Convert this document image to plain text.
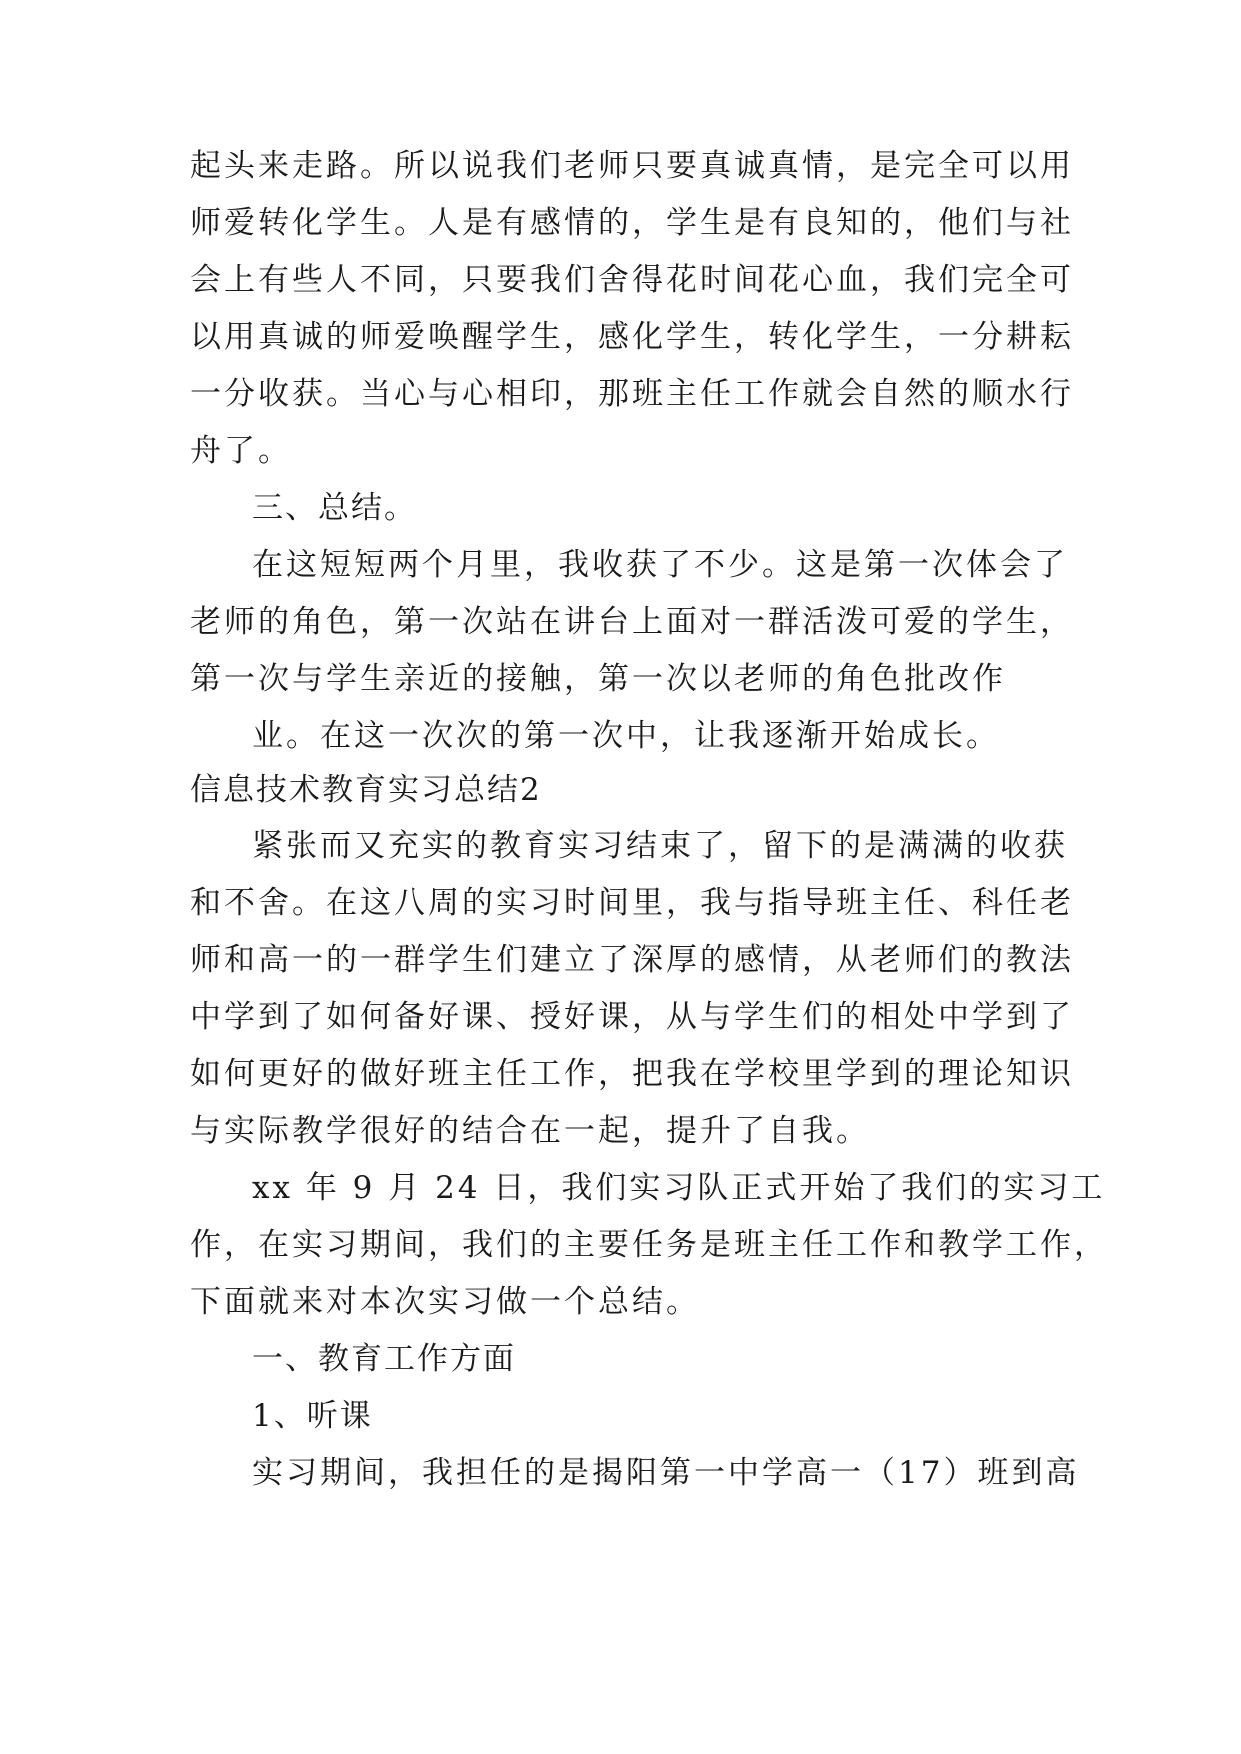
起头来走路。所以说我们老师只要真诚真情，是完全可以用
师爱转化学生。人是有感情的，学生是有良知的，他们与社
会上有些人不同，只要我们舍得花时间花心血，我们完全可
以用真诚的师爱唤醒学生，感化学生，转化学生，一分耕耘
一分收获。当心与心相印，那班主任工作就会自然的顺水行
舟了。
三、总结。
在这短短两个月里，我收获了不少。这是第一次体会了
老师的角色，第一次站在讲台上面对一群活泼可爱的学生，
第一次与学生亲近的接触，第一次以老师的角色批改作
业。在这一次次的第一次中，让我逐渐开始成长。
信息技术教育实习总结2
紧张而又充实的教育实习结束了，留下的是满满的收获
和不舍。在这八周的实习时间里，我与指导班主任、科任老
师和高一的一群学生们建立了深厚的感情，从老师们的教法
中学到了如何备好课、授好课，从与学生们的相处中学到了
如何更好的做好班主任工作，把我在学校里学到的理论知识
与实际教学很好的结合在一起，提升了自我。
xx 年 9 月 24 日，我们实习队正式开始了我们的实习工
作，在实习期间，我们的主要任务是班主任工作和教学工作，
下面就来对本次实习做一个总结。
一、教育工作方面
1、听课
实习期间，我担任的是揭阳第一中学高一（17）班到高
